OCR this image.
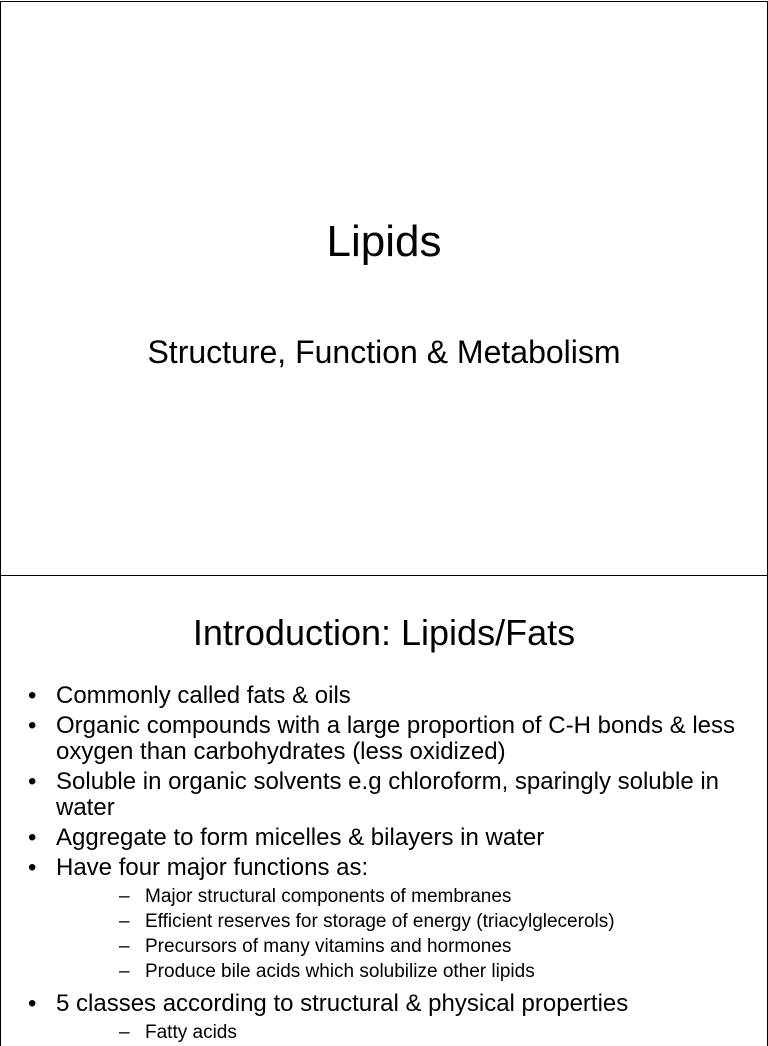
Lipids
Structure, Function & Metabolism
Introduction: Lipids/Fats
• Commonly called fats & oils
• Organic compounds with a large proportion of C-H bonds & less oxygen than carbohydrates (less oxidized)
• Soluble in organic solvents e.g chloroform, sparingly soluble in water
• Aggregate to form micelles & bilayers in water
• Have four major functions as:
– Major structural components of membranes
– Efficient reserves for storage of energy (triacylglecerols)
– Precursors of many vitamins and hormones
– Produce bile acids which solubilize other lipids
• 5 classes according to structural & physical properties
– Fatty acids
